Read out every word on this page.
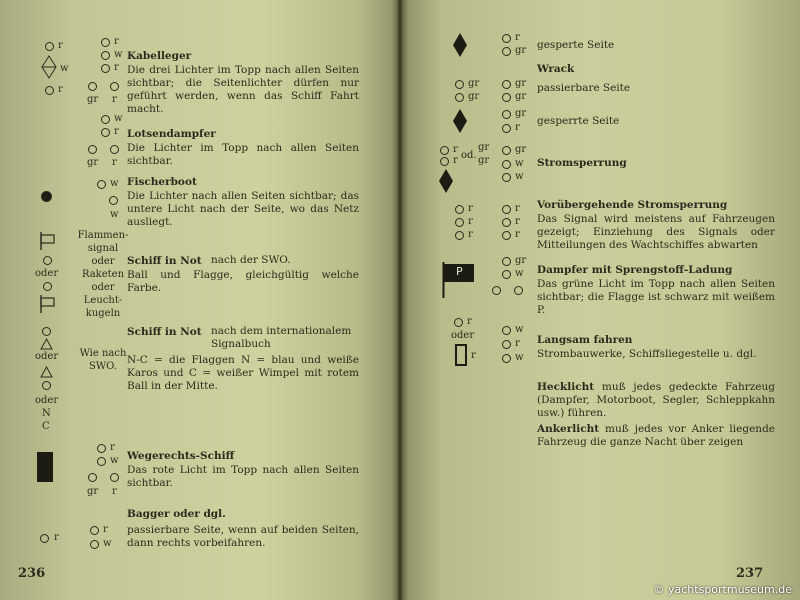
r
w
r
r
w
r
gr r
Kabelleger
Die drei Lichter im Topp nach allen Seiten sichtbar; die Seitenlichter dürfen nur geführt werden, wenn das Schiff Fahrt macht.
w
r
gr r
Lotsendampfer
Die Lichter im Topp nach allen Seiten sichtbar.
w
w
Fischerboot
Die Lichter nach allen Seiten sichtbar; das untere Licht nach der Seite, wo das Netz ausliegt.
oder
Flammen-
signal
oder
Raketen
oder
Leucht-
kugeln
Schiff in Not nach der SWO.
Ball und Flagge, gleichgültig welche Farbe.
oder
oder
N
C
Wie nach
SWO.
Schiff in Not nach dem internationalem Signalbuch
N-C = die Flaggen N = blau und weiße Karos und C = weißer Wimpel mit rotem Ball in der Mitte.
r
w
gr r
Wegerechts-Schiff
Das rote Licht im Topp nach allen Seiten sichtbar.
Bagger oder dgl.
r
r
w
passierbare Seite, wenn auf beiden Seiten, dann rechts vorbeifahren.
236
r
gr gesperte Seite
Wrack
gr
gr
gr
gr
passierbare Seite
gr
r
gesperrte Seite
r
r od.
gr
gr
gr
w
w
Stromsperrung
r
r
r
r
r
r
Vorübergehende Stromsperrung
Das Signal wird meistens auf Fahrzeugen gezeigt; Einziehung des Signals oder Mitteilungen des Wachtschiffes abwarten
P
gr
w Dampfer mit Sprengstoff-Ladung
Das grüne Licht im Topp nach allen Seiten sichtbar; die Flagge ist schwarz mit weißem P.
r
oder
r
w
r
w
Langsam fahren
Strombauwerke, Schiffsliegestelle u. dgl.
Hecklicht muß jedes gedeckte Fahrzeug (Dampfer, Motorboot, Segler, Schleppkahn usw.) führen.
Ankerlicht muß jedes vor Anker liegende Fahrzeug die ganze Nacht über zeigen
237
© yachtsportmuseum.de
